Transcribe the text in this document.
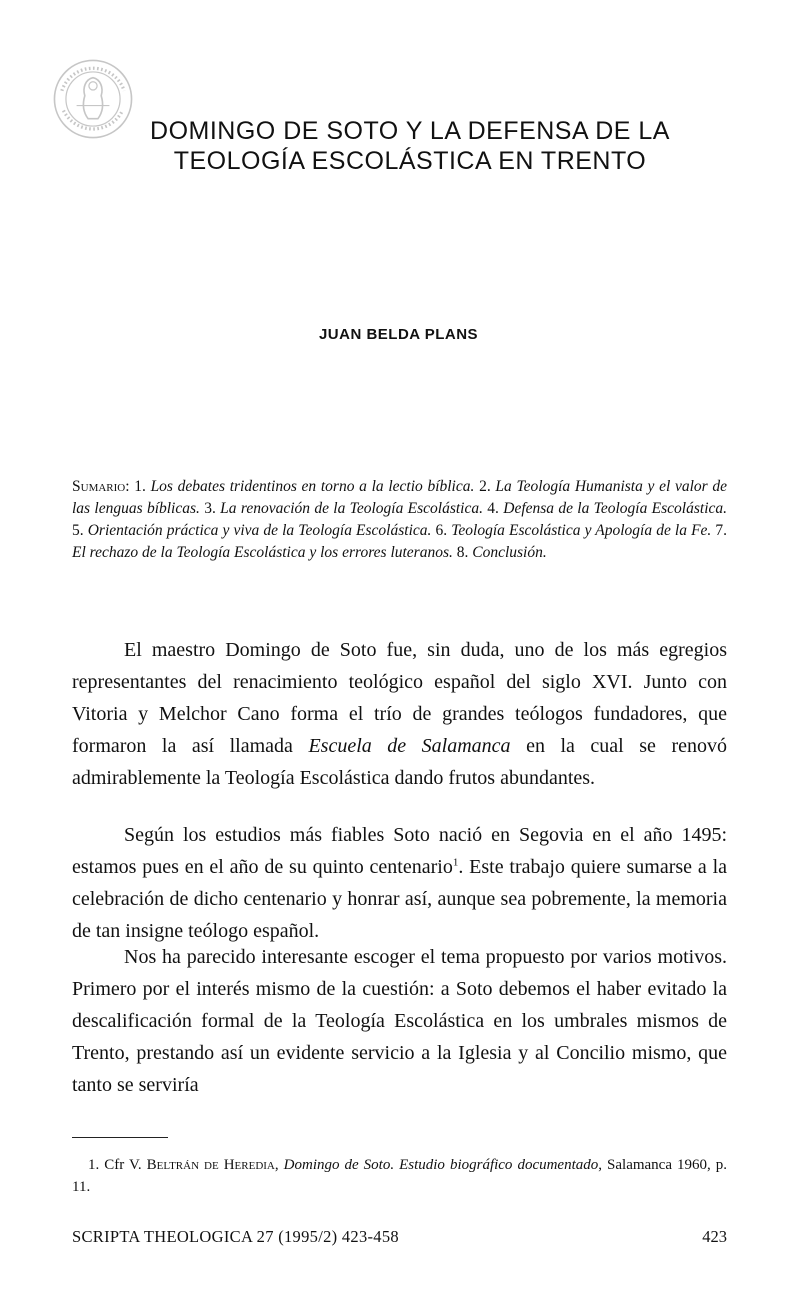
DOMINGO DE SOTO Y LA DEFENSA DE LA
TEOLOGÍA ESCOLÁSTICA EN TRENTO
JUAN BELDA PLANS

Sumario: 1. Los debates tridentinos en torno a la lectio bíblica. 2. La Teología Humanista y el valor de las lenguas bíblicas. 3. La renovación de la Teología Escolástica. 4. Defensa de la Teología Escolástica. 5. Orientación práctica y viva de la Teología Escolástica. 6. Teología Escolástica y Apología de la Fe. 7. El rechazo de la Teología Escolástica y los errores luteranos. 8. Conclusión.

El maestro Domingo de Soto fue, sin duda, uno de los más egregios representantes del renacimiento teológico español del siglo XVI. Junto con Vitoria y Melchor Cano forma el trío de grandes teólogos fundadores, que formaron la así llamada Escuela de Salamanca en la cual se renovó admirablemente la Teología Escolástica dando frutos abundantes.

Según los estudios más fiables Soto nació en Segovia en el año 1495: estamos pues en el año de su quinto centenario$^1$. Este trabajo quiere sumarse a la celebración de dicho centenario y honrar así, aunque sea pobremente, la memoria de tan insigne teólogo español.

Nos ha parecido interesante escoger el tema propuesto por varios motivos. Primero por el interés mismo de la cuestión: a Soto debemos el haber evitado la descalificación formal de la Teología Escolástica en los umbrales mismos de Trento, prestando así un evidente servicio a la Iglesia y al Concilio mismo, que tanto se serviría

1. Cfr V. Beltrán de Heredia, Domingo de Soto. Estudio biográfico documentado, Salamanca 1960, p. 11.

SCRIPTA THEOLOGICA 27 (1995/2) 423-458	423
